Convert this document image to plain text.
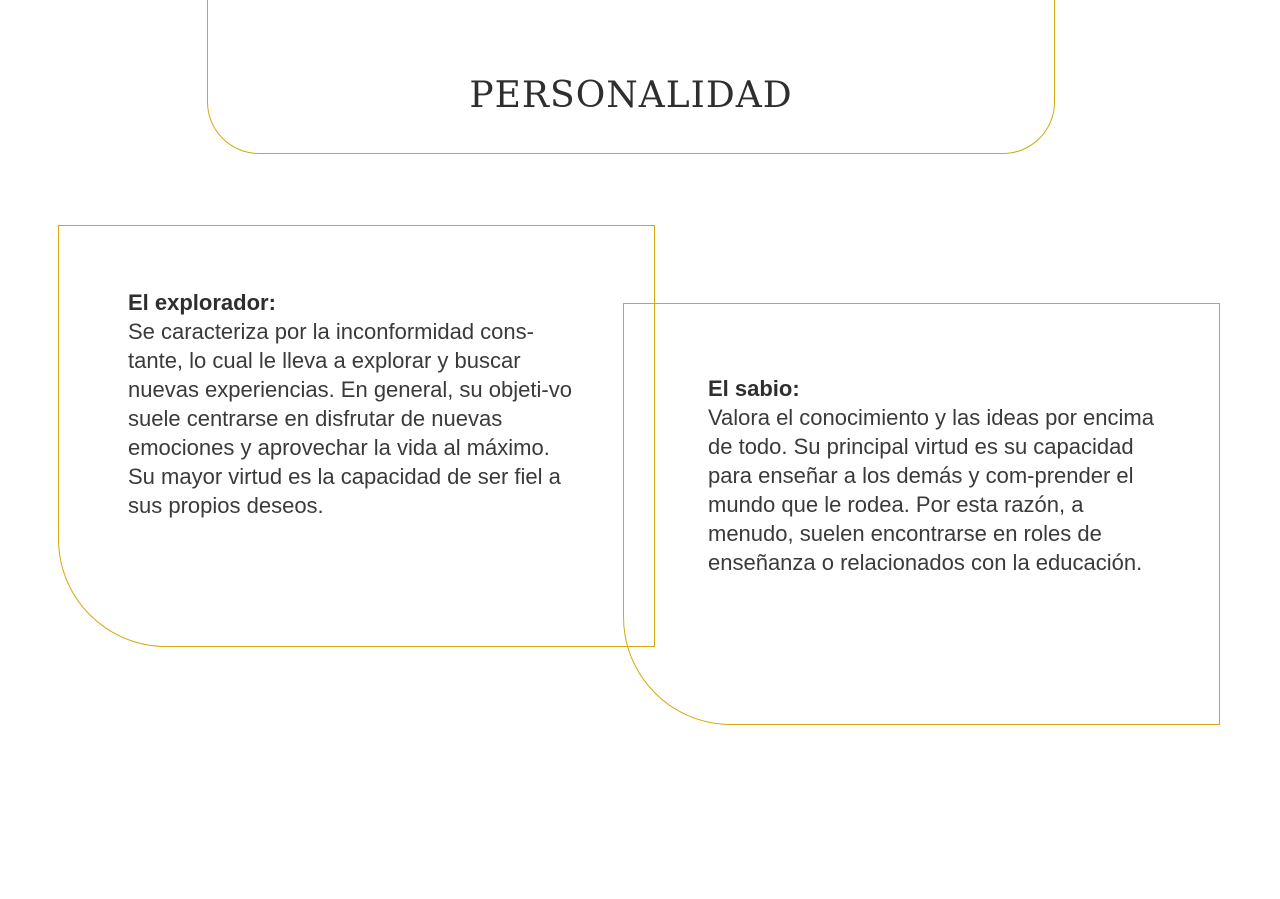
PERSONALIDAD
El explorador:
Se caracteriza por la inconformidad cons-tante, lo cual le lleva a explorar y buscar nuevas experiencias. En general, su objeti-vo suele centrarse en disfrutar de nuevas emociones y aprovechar la vida al máximo. Su mayor virtud es la capacidad de ser fiel a sus propios deseos.
El sabio:
Valora el conocimiento y las ideas por encima de todo. Su principal virtud es su capacidad para enseñar a los demás y com-prender el mundo que le rodea. Por esta razón, a menudo, suelen encontrarse en roles de enseñanza o relacionados con la educación.
